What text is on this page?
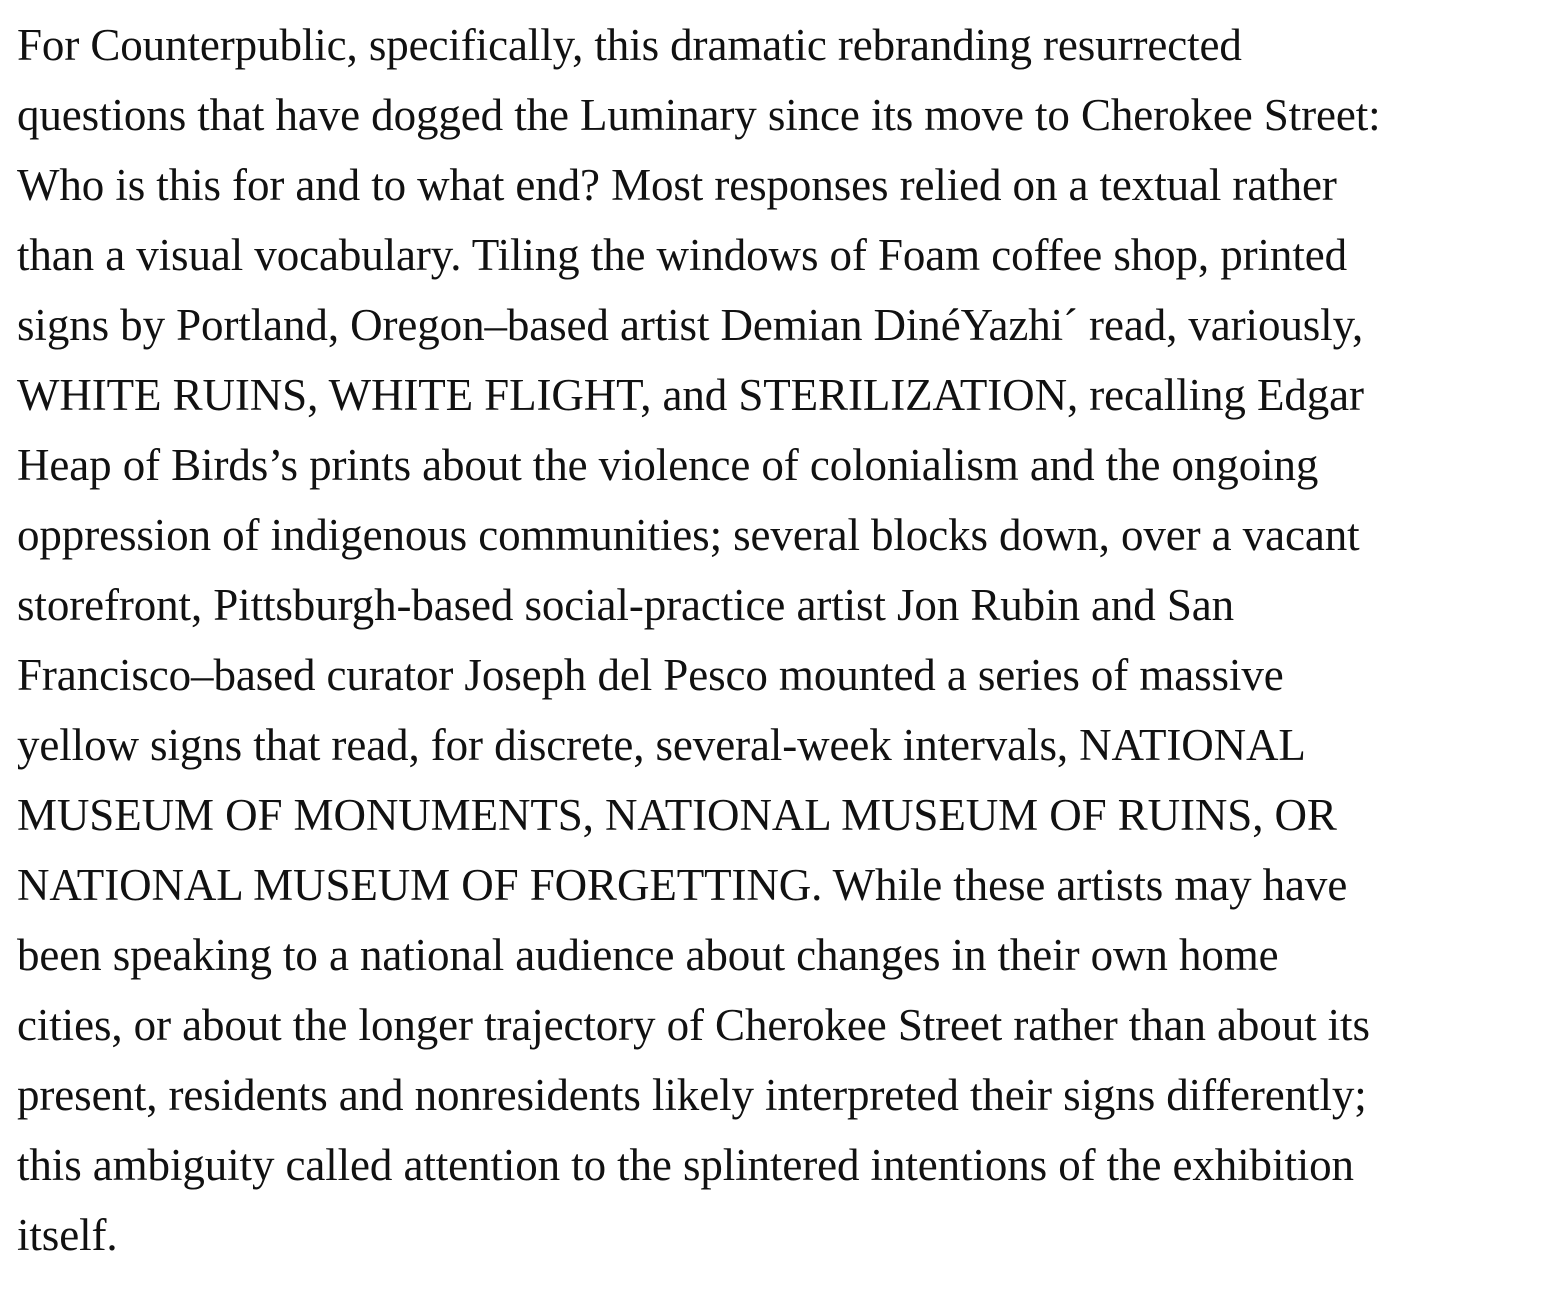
For Counterpublic, specifically, this dramatic rebranding resurrected
questions that have dogged the Luminary since its move to Cherokee Street:
Who is this for and to what end? Most responses relied on a textual rather
than a visual vocabulary. Tiling the windows of Foam coffee shop, printed
signs by Portland, Oregon–based artist Demian DinéYazhi´ read, variously,
WHITE RUINS, WHITE FLIGHT, and STERILIZATION, recalling Edgar
Heap of Birds’s prints about the violence of colonialism and the ongoing
oppression of indigenous communities; several blocks down, over a vacant
storefront, Pittsburgh-based social-practice artist Jon Rubin and San
Francisco–based curator Joseph del Pesco mounted a series of massive
yellow signs that read, for discrete, several-week intervals, NATIONAL
MUSEUM OF MONUMENTS, NATIONAL MUSEUM OF RUINS, OR
NATIONAL MUSEUM OF FORGETTING. While these artists may have
been speaking to a national audience about changes in their own home
cities, or about the longer trajectory of Cherokee Street rather than about its
present, residents and nonresidents likely interpreted their signs differently;
this ambiguity called attention to the splintered intentions of the exhibition
itself.
